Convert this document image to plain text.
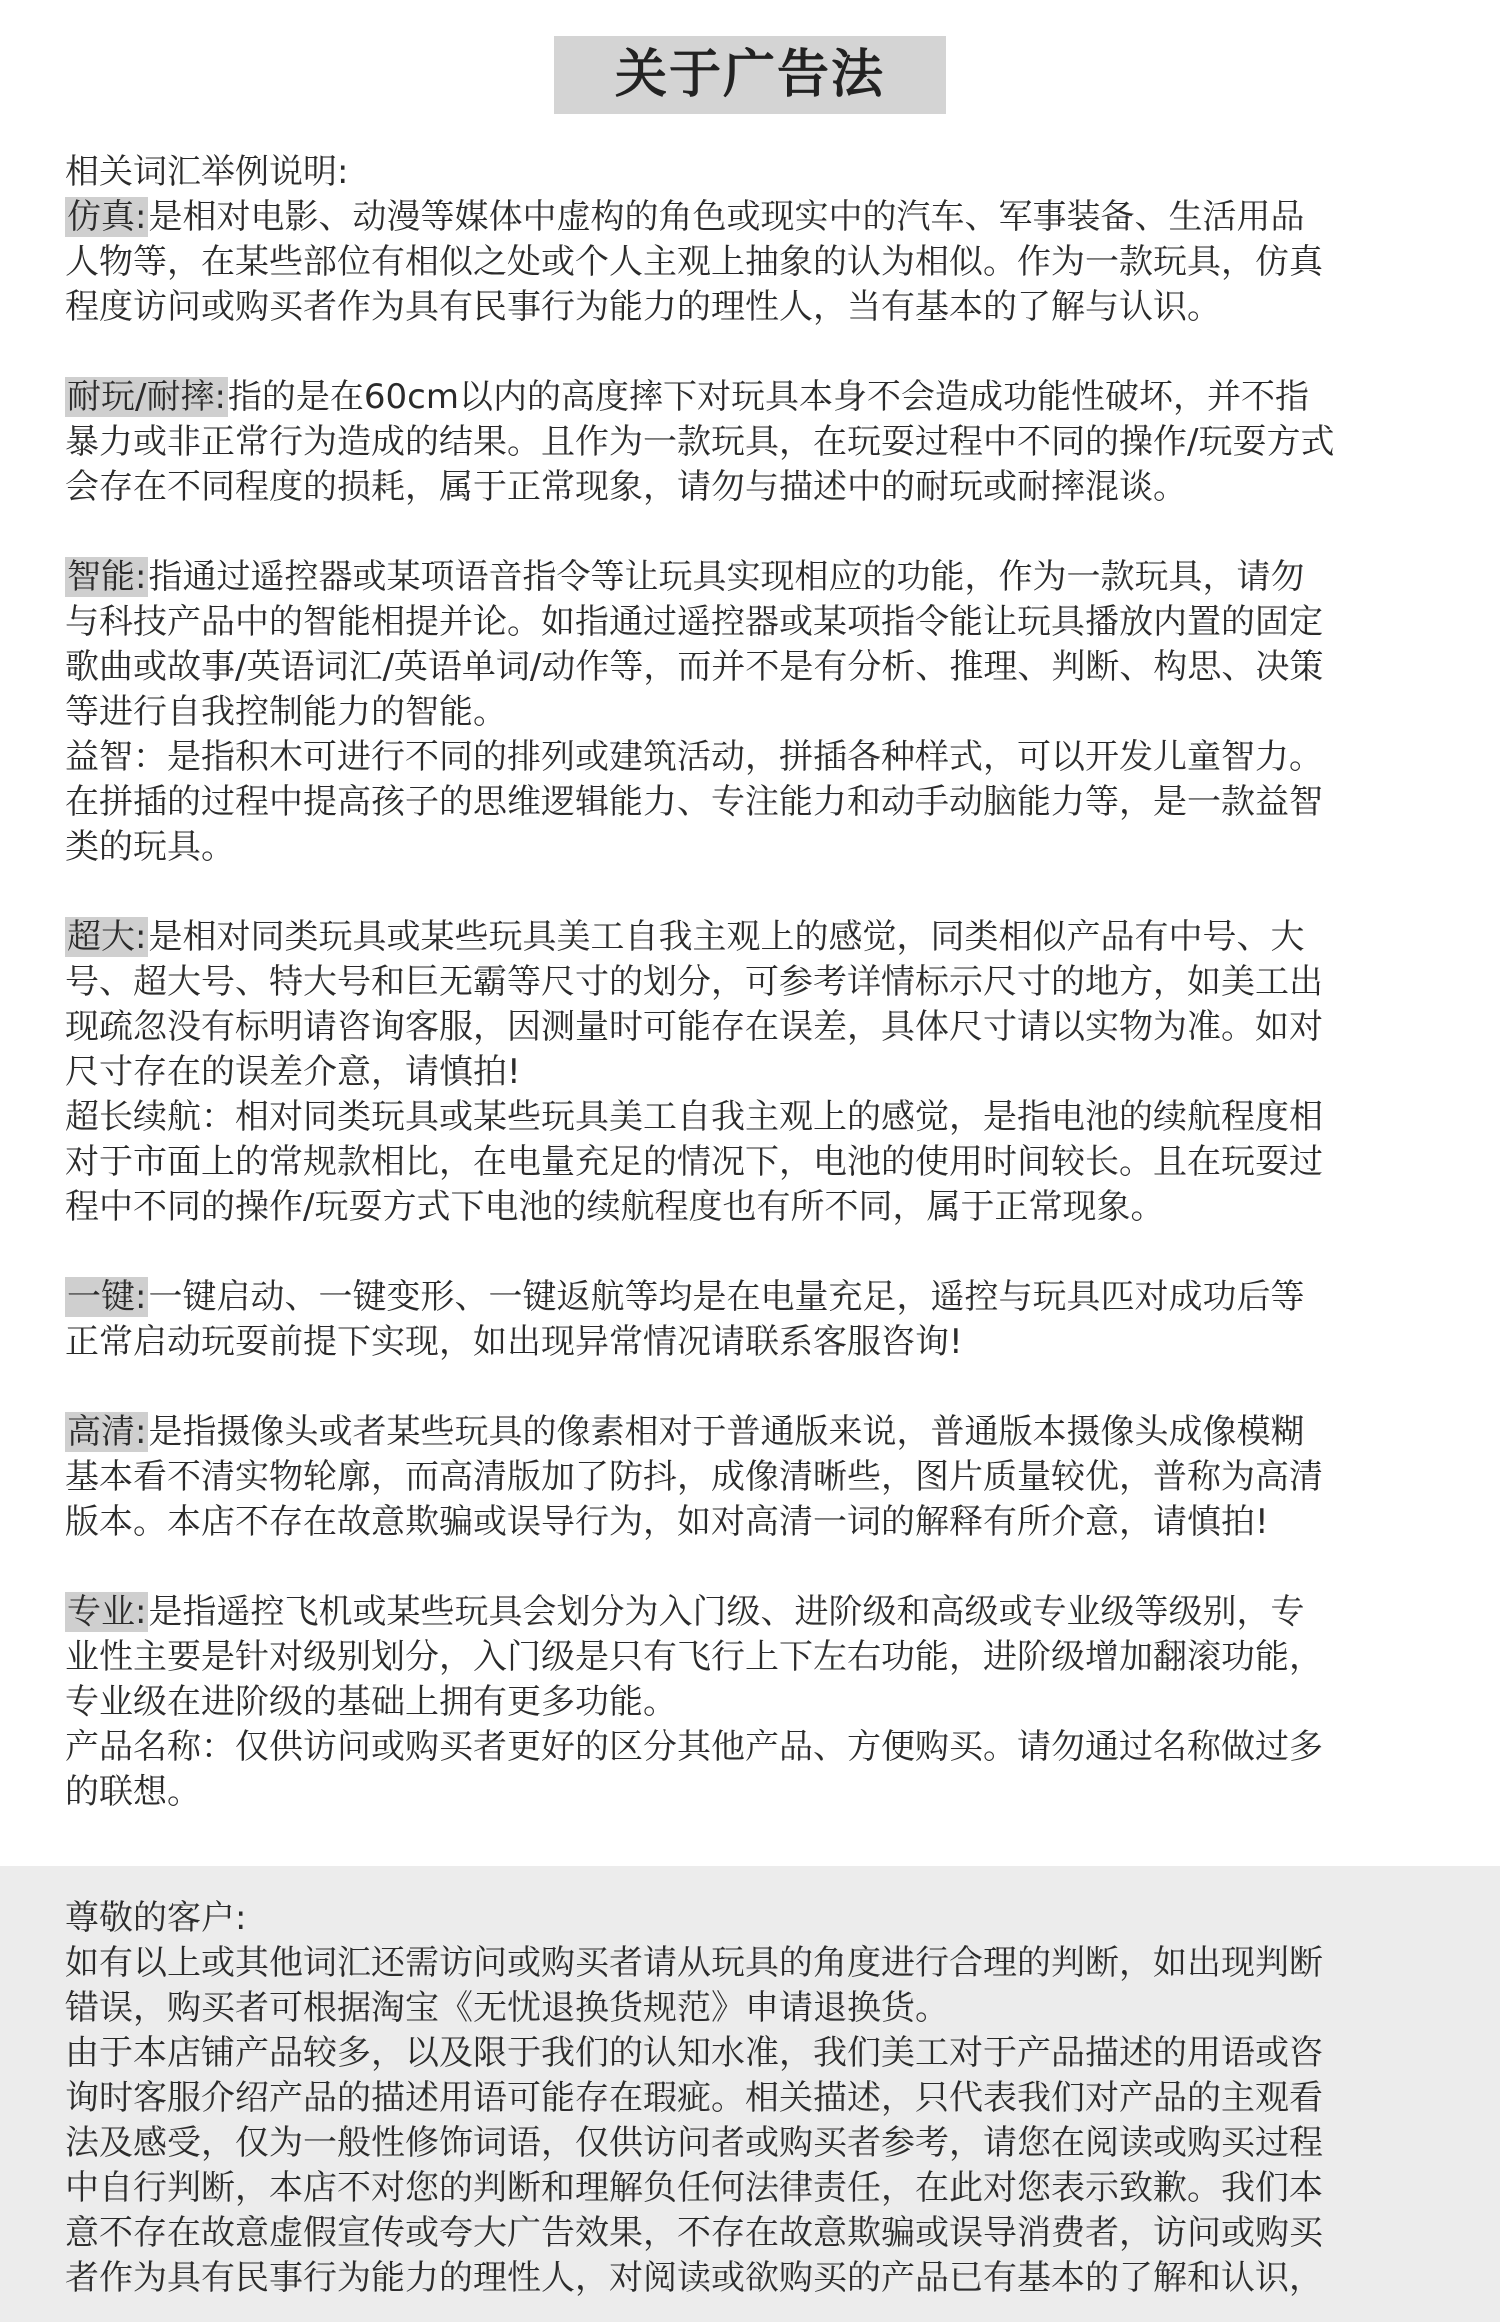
关于广告法

相关词汇举例说明:

仿真:是相对电影、动漫等媒体中虚构的角色或现实中的汽车、军事装备、生活用品

人物等，在某些部位有相似之处或个人主观上抽象的认为相似。作为一款玩具，仿真

程度访问或购买者作为具有民事行为能力的理性人，当有基本的了解与认识。

耐玩/耐摔:指的是在60cm以内的高度摔下对玩具本身不会造成功能性破坏，并不指

暴力或非正常行为造成的结果。且作为一款玩具，在玩耍过程中不同的操作/玩耍方式

会存在不同程度的损耗，属于正常现象，请勿与描述中的耐玩或耐摔混谈。

智能:指通过遥控器或某项语音指令等让玩具实现相应的功能，作为一款玩具，请勿

与科技产品中的智能相提并论。如指通过遥控器或某项指令能让玩具播放内置的固定

歌曲或故事/英语词汇/英语单词/动作等，而并不是有分析、推理、判断、构思、决策

等进行自我控制能力的智能。

益智：是指积木可进行不同的排列或建筑活动，拼插各种样式，可以开发儿童智力。

在拼插的过程中提高孩子的思维逻辑能力、专注能力和动手动脑能力等，是一款益智

类的玩具。

超大:是相对同类玩具或某些玩具美工自我主观上的感觉，同类相似产品有中号、大

号、超大号、特大号和巨无霸等尺寸的划分，可参考详情标示尺寸的地方，如美工出

现疏忽没有标明请咨询客服，因测量时可能存在误差，具体尺寸请以实物为准。如对

尺寸存在的误差介意，请慎拍!

超长续航：相对同类玩具或某些玩具美工自我主观上的感觉，是指电池的续航程度相

对于市面上的常规款相比，在电量充足的情况下，电池的使用时间较长。且在玩耍过

程中不同的操作/玩耍方式下电池的续航程度也有所不同，属于正常现象。

一键:一键启动、一键变形、一键返航等均是在电量充足，遥控与玩具匹对成功后等

正常启动玩耍前提下实现，如出现异常情况请联系客服咨询!

高清:是指摄像头或者某些玩具的像素相对于普通版来说，普通版本摄像头成像模糊

基本看不清实物轮廓，而高清版加了防抖，成像清晰些，图片质量较优，普称为高清

版本。本店不存在故意欺骗或误导行为，如对高清一词的解释有所介意，请慎拍!

专业:是指遥控飞机或某些玩具会划分为入门级、进阶级和高级或专业级等级别，专

业性主要是针对级别划分，入门级是只有飞行上下左右功能，进阶级增加翻滚功能，

专业级在进阶级的基础上拥有更多功能。

产品名称：仅供访问或购买者更好的区分其他产品、方便购买。请勿通过名称做过多

的联想。

尊敬的客户:

如有以上或其他词汇还需访问或购买者请从玩具的角度进行合理的判断，如出现判断

错误，购买者可根据淘宝《无忧退换货规范》申请退换货。

由于本店铺产品较多，以及限于我们的认知水准，我们美工对于产品描述的用语或咨

询时客服介绍产品的描述用语可能存在瑕疵。相关描述，只代表我们对产品的主观看

法及感受，仅为一般性修饰词语，仅供访问者或购买者参考，请您在阅读或购买过程

中自行判断，本店不对您的判断和理解负任何法律责任，在此对您表示致歉。我们本

意不存在故意虚假宣传或夸大广告效果，不存在故意欺骗或误导消费者，访问或购买

者作为具有民事行为能力的理性人，对阅读或欲购买的产品已有基本的了解和认识，
